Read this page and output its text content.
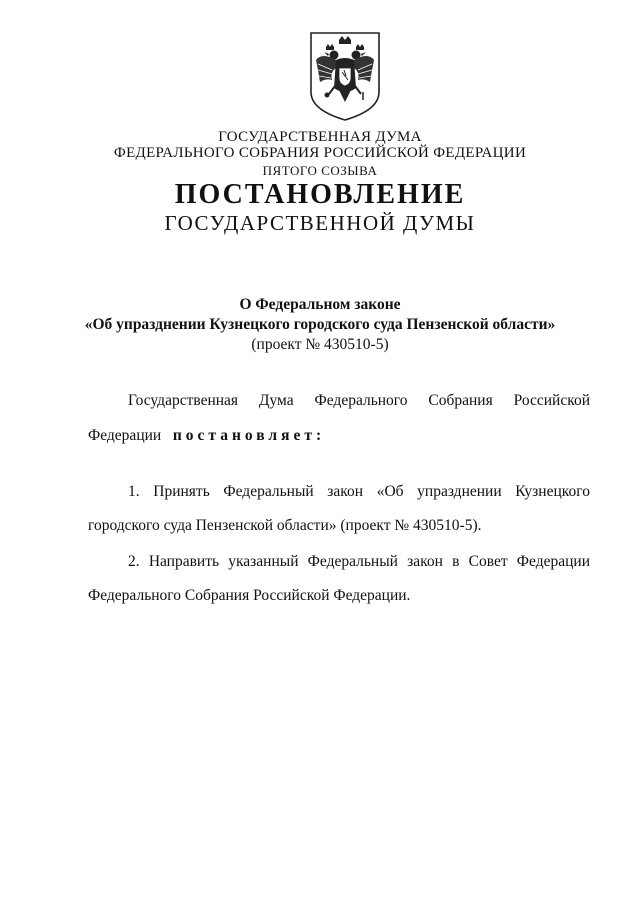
ГОСУДАРСТВЕННАЯ ДУМА
ФЕДЕРАЛЬНОГО СОБРАНИЯ РОССИЙСКОЙ ФЕДЕРАЦИИ
ПЯТОГО СОЗЫВА
ПОСТАНОВЛЕНИЕ
ГОСУДАРСТВЕННОЙ ДУМЫ
О Федеральном законе
«Об упразднении Кузнецкого городского суда Пензенской области»
(проект № 430510-5)
Государственная Дума Федерального Собрания Российской
Федерации постановляет:
1. Принять Федеральный закон «Об упразднении Кузнецкого
городского суда Пензенской области» (проект № 430510-5).
2. Направить указанный Федеральный закон в Совет Федерации
Федерального Собрания Российской Федерации.
